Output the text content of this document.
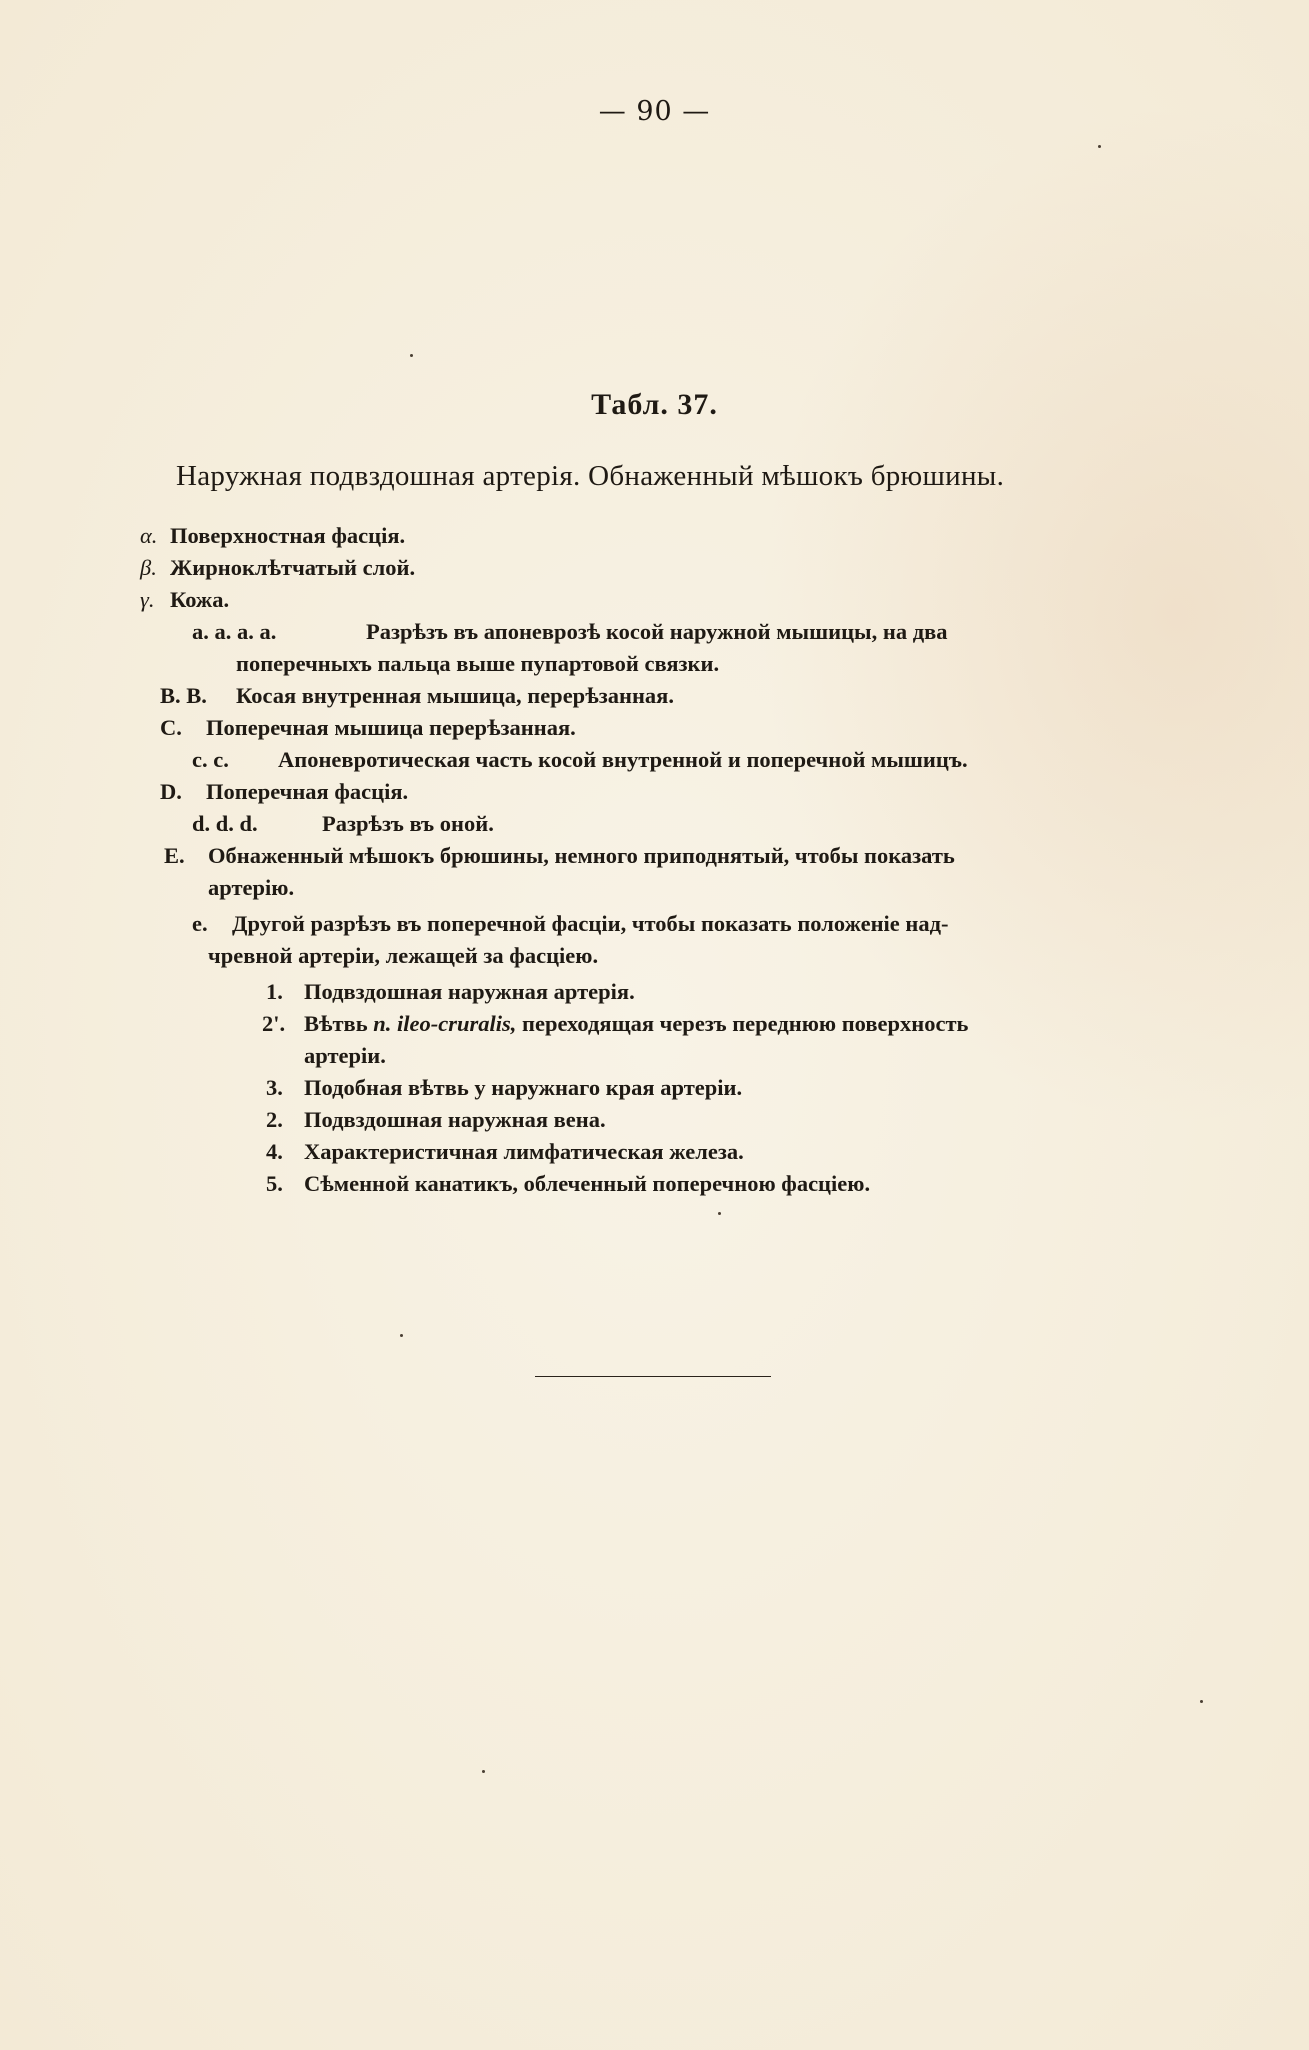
— 90 —
Табл. 37.
Наружная подвздошная артерія. Обнаженный мѣшокъ брюшины.
α. Поверхностная фасція.
β. Жирноклѣтчатый слой.
γ. Кожа.
a. a. a. a.	Разрѣзъ въ апоневрозѣ косой наружной мышицы, на два
поперечныхъ пальца выше пупартовой связки.
B. B. Косая внутренная мышица, перерѣзанная.
C. Поперечная мышица перерѣзанная.
c. c. Апоневротическая часть косой внутренной и поперечной мышицъ.
D. Поперечная фасція.
d. d. d.	Разрѣзъ въ оной.
E. Обнаженный мѣшокъ брюшины, немного приподнятый, чтобы показать
артерію.
e. Другой разрѣзъ въ поперечной фасціи, чтобы показать положеніе над-
чревной артеріи, лежащей за фасціею.
1. Подвздошная наружная артерія.
2'. Вѣтвь n. ileo-cruralis, переходящая черезъ переднюю поверхность
артеріи.
3. Подобная вѣтвь у наружнаго края артеріи.
2. Подвздошная наружная вена.
4. Характеристичная лимфатическая железа.
5. Сѣменной канатикъ, облеченный поперечною фасціею.
